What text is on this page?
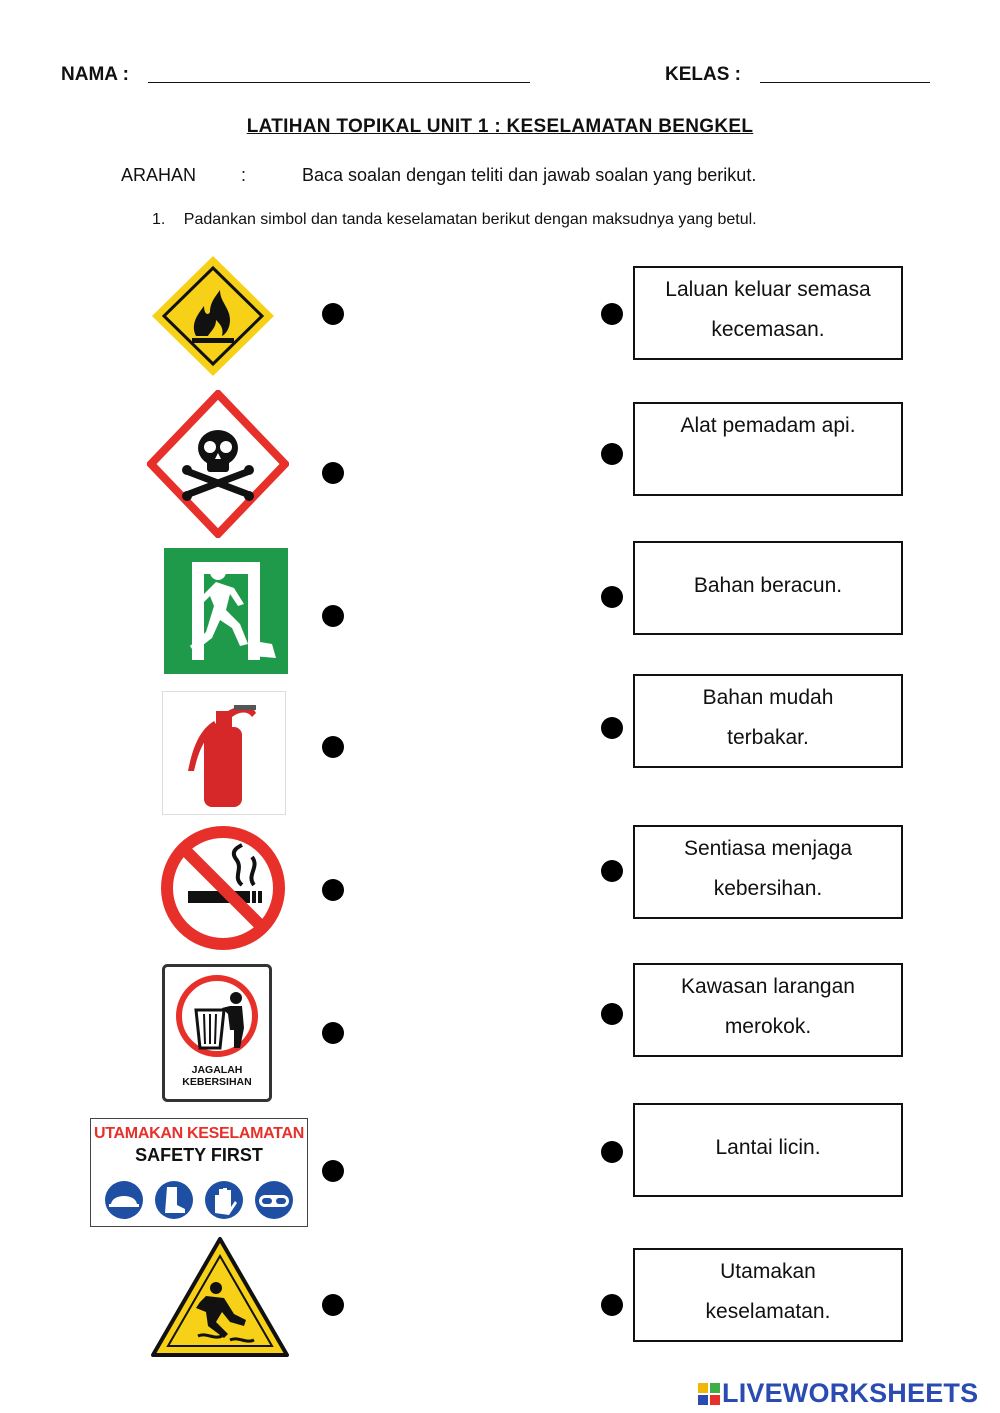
NAMA :	KELAS :
LATIHAN TOPIKAL UNIT 1 : KESELAMATAN BENGKEL
ARAHAN :	Baca soalan dengan teliti dan jawab soalan yang berikut.
1. Padankan simbol dan tanda keselamatan berikut dengan maksudnya yang betul.
JAGALAH
KEBERSIHAN
UTAMAKAN KESELAMATAN
SAFETY FIRST
Laluan keluar semasa
kecemasan.
Alat pemadam api.
Bahan beracun.
Bahan mudah
terbakar.
Sentiasa menjaga
kebersihan.
Kawasan larangan
merokok.
Lantai licin.
Utamakan
keselamatan.
LIVEWORKSHEETS
